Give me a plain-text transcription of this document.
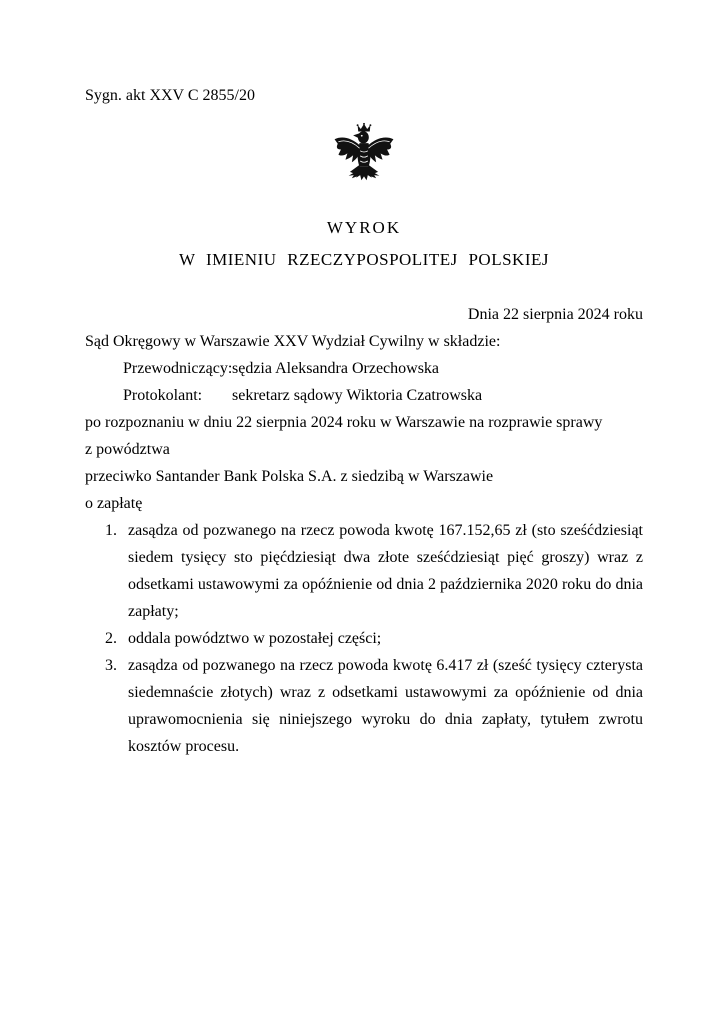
Sygn. akt XXV C 2855/20
WYROK
W IMIENIU RZECZYPOSPOLITEJ POLSKIEJ
Dnia 22 sierpnia 2024 roku
Sąd Okręgowy w Warszawie XXV Wydział Cywilny w składzie:
Przewodniczący: sędzia Aleksandra Orzechowska
Protokolant:	sekretarz sądowy Wiktoria Czatrowska
po rozpoznaniu w dniu 22 sierpnia 2024 roku w Warszawie na rozprawie sprawy
z powództwa
przeciwko Santander Bank Polska S.A. z siedzibą w Warszawie
o zapłatę
1. zasądza od pozwanego na rzecz powoda kwotę 167.152,65 zł (sto sześćdziesiąt siedem tysięcy sto pięćdziesiąt dwa złote sześćdziesiąt pięć groszy) wraz z odsetkami ustawowymi za opóźnienie od dnia 2 października 2020 roku do dnia zapłaty;
2. oddala powództwo w pozostałej części;
3. zasądza od pozwanego na rzecz powoda kwotę 6.417 zł (sześć tysięcy czterysta siedemnaście złotych) wraz z odsetkami ustawowymi za opóźnienie od dnia uprawomocnienia się niniejszego wyroku do dnia zapłaty, tytułem zwrotu kosztów procesu.
